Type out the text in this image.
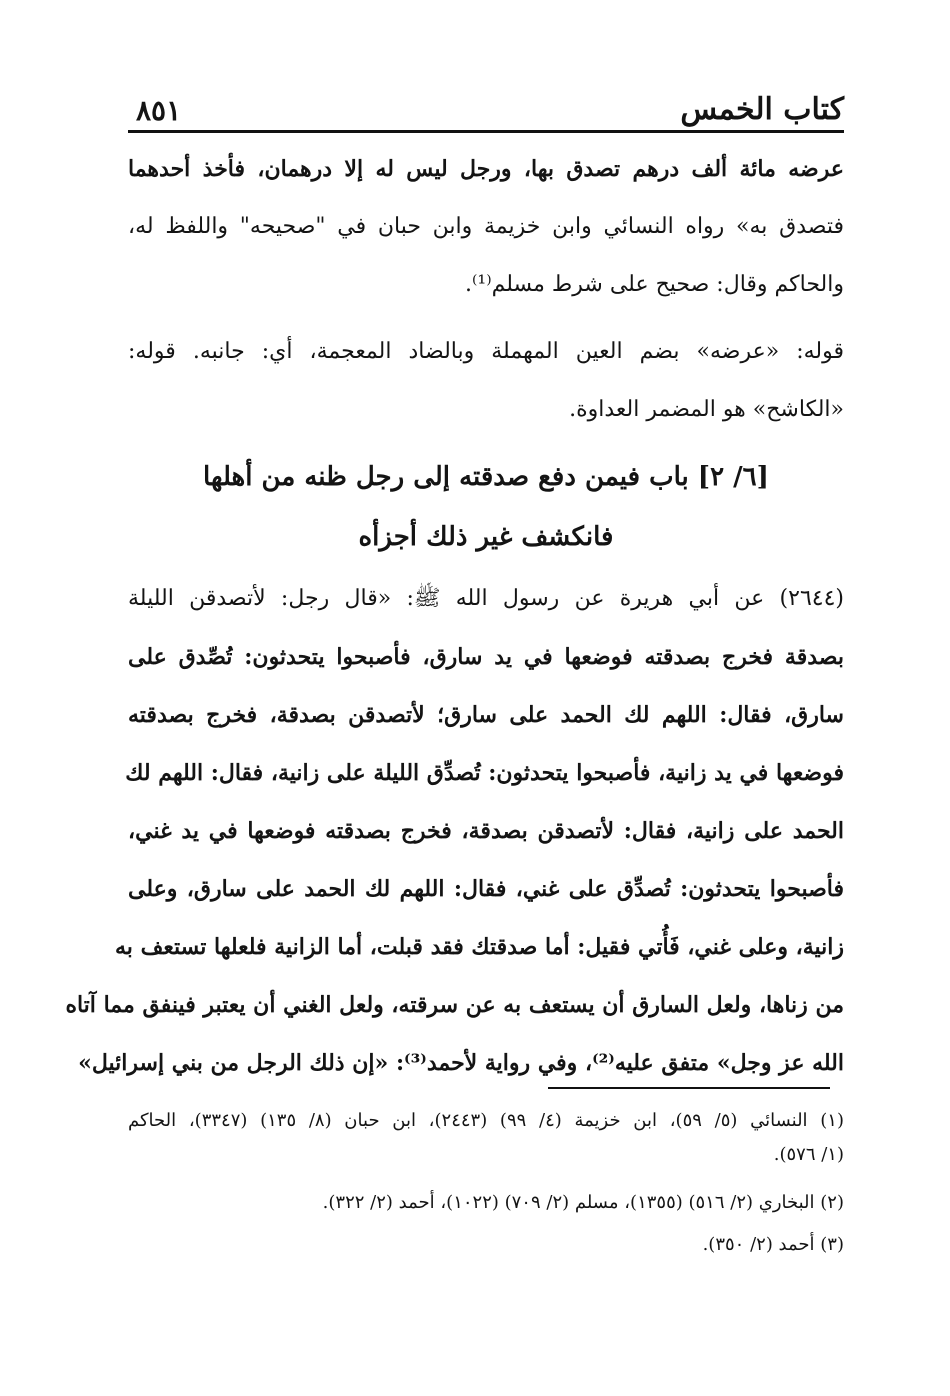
كتاب الخمس
٨٥١
عرضه مائة ألف درهم تصدق بها، ورجل ليس له إلا درهمان، فأخذ أحدهما
فتصدق به» رواه النسائي وابن خزيمة وابن حبان في "صحيحه" واللفظ له،
والحاكم وقال: صحيح على شرط مسلم⁽¹⁾.
قوله: «عرضه» بضم العين المهملة وبالضاد المعجمة، أي: جانبه. قوله:
«الكاشح» هو المضمر العداوة.
[٦/ ٢] باب فيمن دفع صدقته إلى رجل ظنه من أهلها
فانكشف غير ذلك أجزأه
(٢٦٤٤) عن أبي هريرة عن رسول الله ﷺ: «قال رجل: لأتصدقن الليلة
بصدقة فخرج بصدقته فوضعها في يد سارق، فأصبحوا يتحدثون: تُصِّدق على
سارق، فقال: اللهم لك الحمد على سارق؛ لأتصدقن بصدقة، فخرج بصدقته
فوضعها في يد زانية، فأصبحوا يتحدثون: تُصدِّق الليلة على زانية، فقال: اللهم لك
الحمد على زانية، فقال: لأتصدقن بصدقة، فخرج بصدقته فوضعها في يد غني،
فأصبحوا يتحدثون: تُصدِّق على غني، فقال: اللهم لك الحمد على سارق، وعلى
زانية، وعلى غني، فَأُتي فقيل: أما صدقتك فقد قبلت، أما الزانية فلعلها تستعف به
من زناها، ولعل السارق أن يستعف به عن سرقته، ولعل الغني أن يعتبر فينفق مما آتاه
الله عز وجل» متفق عليه⁽²⁾، وفي رواية لأحمد⁽³⁾: «إن ذلك الرجل من بني إسرائيل»
(١) النسائي (٥/ ٥٩)، ابن خزيمة (٤/ ٩٩) (٢٤٤٣)، ابن حبان (٨/ ١٣٥) (٣٣٤٧)، الحاكم
(١/ ٥٧٦).
(٢) البخاري (٢/ ٥١٦) (١٣٥٥)، مسلم (٢/ ٧٠٩) (١٠٢٢)، أحمد (٢/ ٣٢٢).
(٣) أحمد (٢/ ٣٥٠).
